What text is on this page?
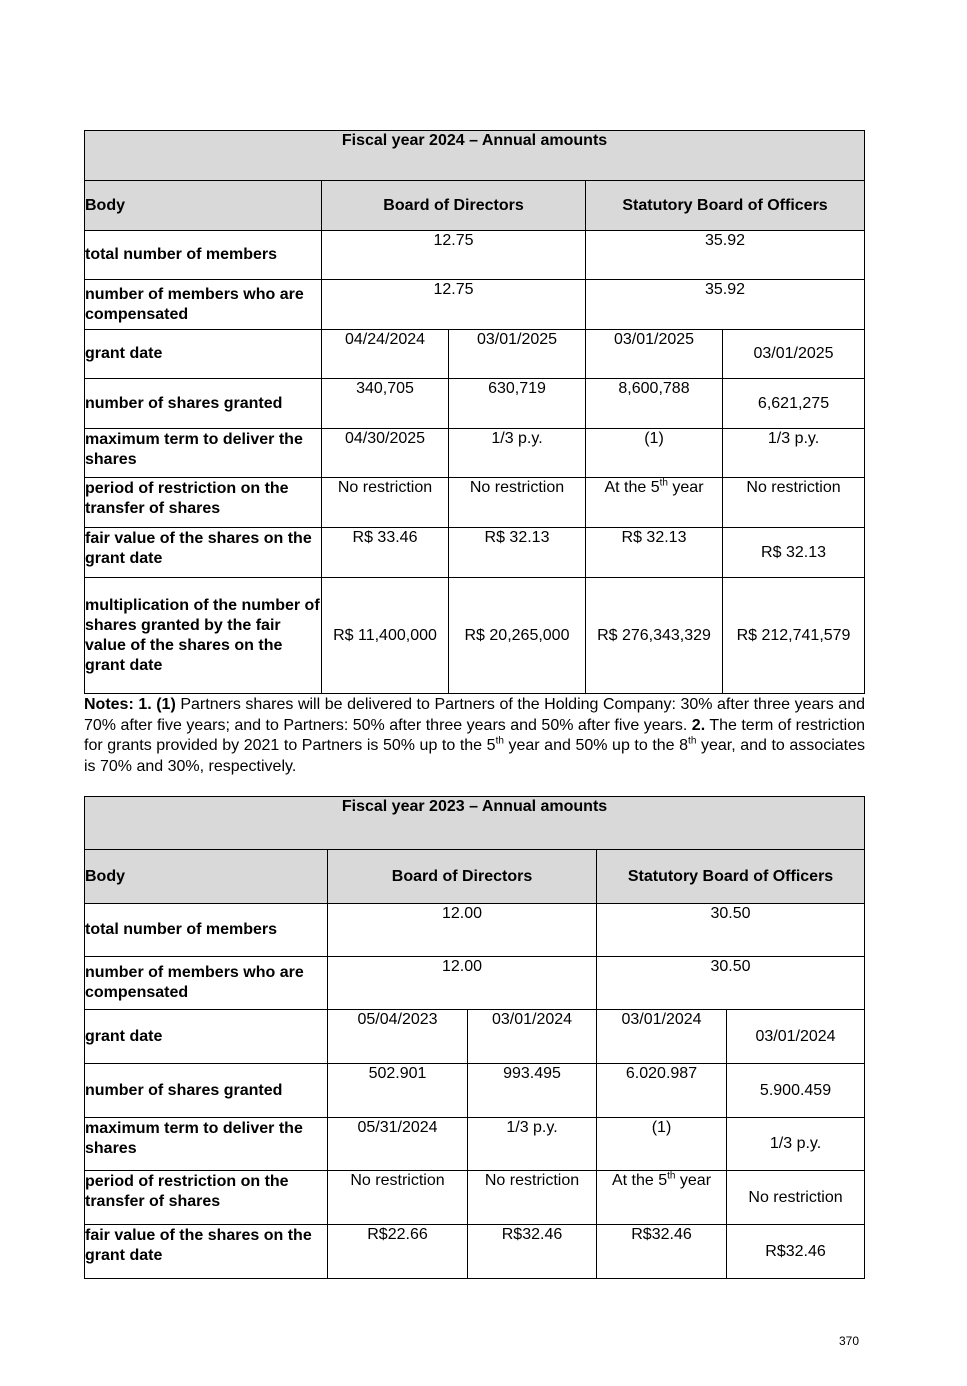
Fiscal year 2024 – Annual amounts				
Body	Board of Directors		Statutory Board of Officers	
total number of members	12.75		35.92	
number of members who are compensated	12.75		35.92	
grant date	04/24/2024	03/01/2025	03/01/2025	03/01/2025
number of shares granted	340,705	630,719	8,600,788	6,621,275
maximum term to deliver the shares	04/30/2025	1/3 p.y.	(1)	1/3 p.y.
period of restriction on the transfer of shares	No restriction	No restriction	At the 5th year	No restriction
fair value of the shares on the grant date	R$ 33.46	R$ 32.13	R$ 32.13	R$ 32.13
multiplication of the number of shares granted by the fair value of the shares on the grant date	R$ 11,400,000	R$ 20,265,000	R$ 276,343,329	R$ 212,741,579

Notes: 1. (1) Partners shares will be delivered to Partners of the Holding Company: 30% after three years and 70% after five years; and to Partners: 50% after three years and 50% after five years. 2. The term of restriction for grants provided by 2021 to Partners is 50% up to the 5th year and 50% up to the 8th year, and to associates is 70% and 30%, respectively.

Fiscal year 2023 – Annual amounts				
Body	Board of Directors		Statutory Board of Officers	
total number of members	12.00		30.50	
number of members who are compensated	12.00		30.50	
grant date	05/04/2023	03/01/2024	03/01/2024	03/01/2024
number of shares granted	502.901	993.495	6.020.987	5.900.459
maximum term to deliver the shares	05/31/2024	1/3 p.y.	(1)	1/3 p.y.
period of restriction on the transfer of shares	No restriction	No restriction	At the 5th year	No restriction
fair value of the shares on the grant date	R$22.66	R$32.46	R$32.46	R$32.46
370
